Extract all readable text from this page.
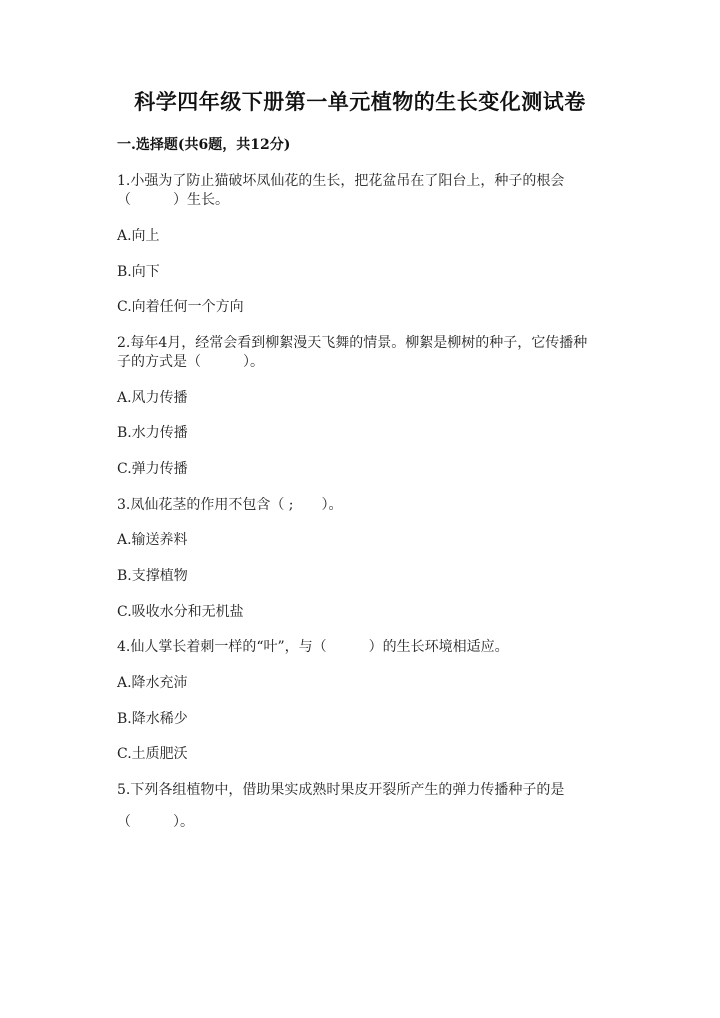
科学四年级下册第一单元植物的生长变化测试卷
一.选择题(共6题，共12分)
1.小强为了防止猫破坏凤仙花的生长，把花盆吊在了阳台上，种子的根会
（　　　）生长。
A.向上
B.向下
C.向着任何一个方向
2.每年4月，经常会看到柳絮漫天飞舞的情景。柳絮是柳树的种子，它传播种
子的方式是（　　　）。
A.风力传播
B.水力传播
C.弹力传播
3.凤仙花茎的作用不包含（ ;　　）。
A.输送养料
B.支撑植物
C.吸收水分和无机盐
4.仙人掌长着刺一样的“叶”，与（　　　）的生长环境相适应。
A.降水充沛
B.降水稀少
C.土质肥沃
5.下列各组植物中，借助果实成熟时果皮开裂所产生的弹力传播种子的是
（　　　）。
